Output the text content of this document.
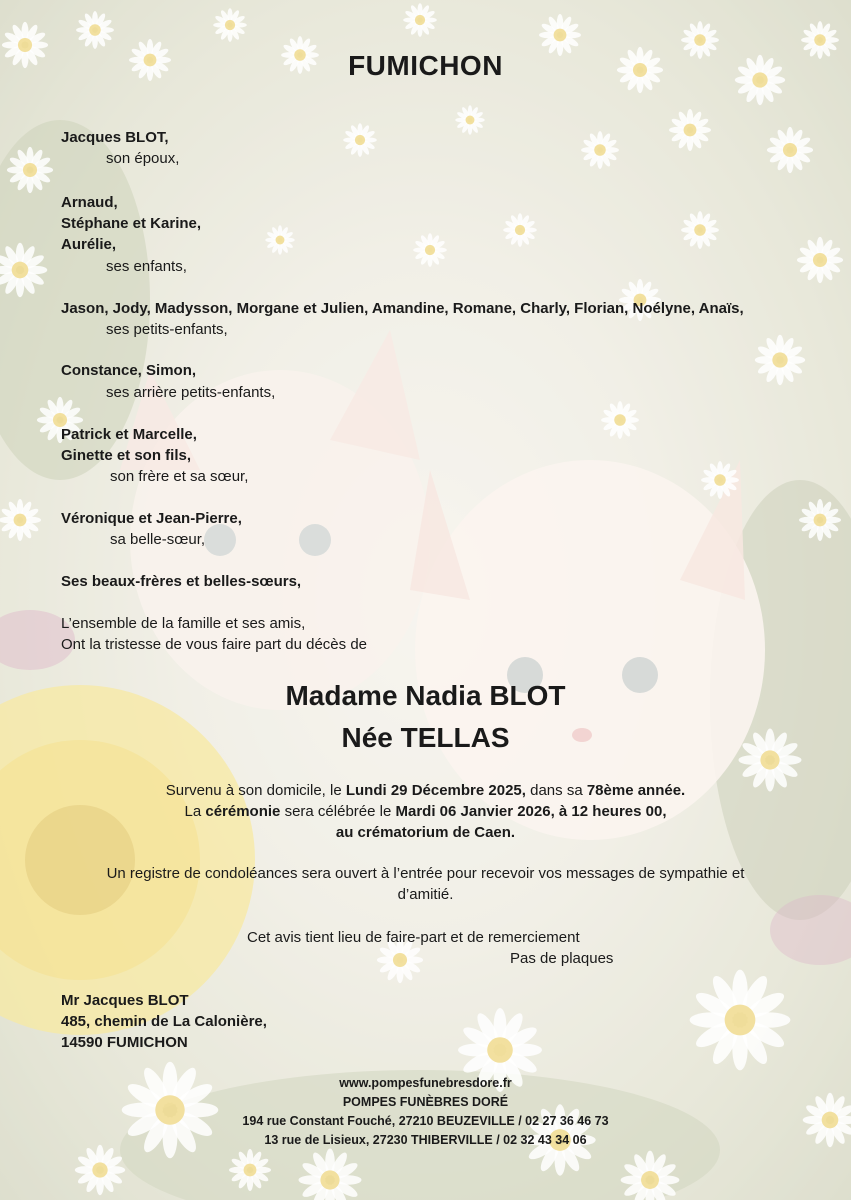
FUMICHON
Jacques BLOT,
son époux,
Arnaud,
Stéphane et Karine,
Aurélie,
ses enfants,
Jason, Jody, Madysson, Morgane et Julien, Amandine, Romane, Charly, Florian, Noélyne, Anaïs,
ses petits-enfants,
Constance, Simon,
ses arrière petits-enfants,
Patrick et Marcelle,
Ginette et son fils,
son frère et sa sœur,
Véronique et Jean-Pierre,
sa belle-sœur,
Ses beaux-frères et belles-sœurs,
L’ensemble de la famille et ses amis,
Ont la tristesse de vous faire part du décès de
Madame Nadia BLOT
Née TELLAS
Survenu à son domicile, le Lundi 29 Décembre 2025, dans sa 78ème année.
La cérémonie sera célébrée le Mardi 06 Janvier 2026, à 12 heures 00,
au crématorium de Caen.
Un registre de condoléances sera ouvert à l’entrée pour recevoir vos messages de sympathie et
d’amitié.
Cet avis tient lieu de faire-part et de remerciement
Pas de plaques
Mr Jacques BLOT
485, chemin de La Calonière,
14590 FUMICHON
www.pompesfunebresdore.fr
POMPES FUNÈBRES DORÉ
194 rue Constant Fouché, 27210 BEUZEVILLE / 02 27 36 46 73
13 rue de Lisieux, 27230 THIBERVILLE / 02 32 43 34 06
